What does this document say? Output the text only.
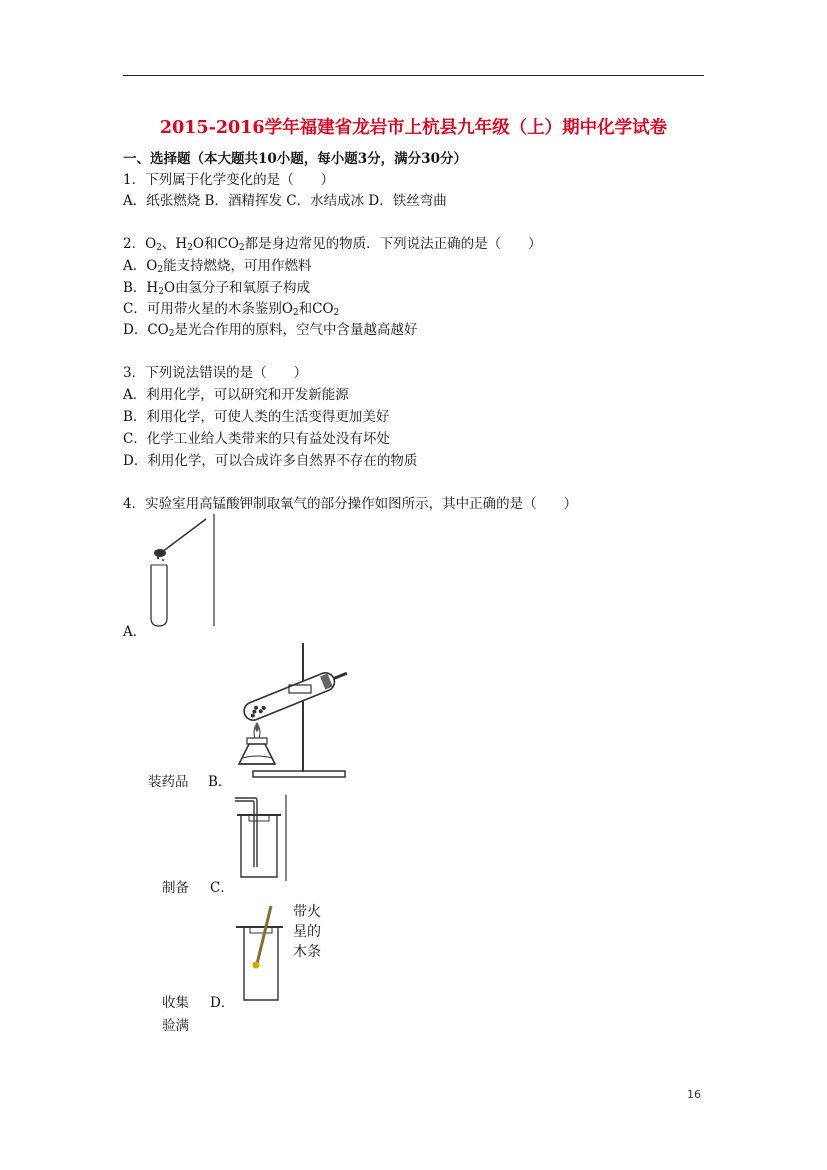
2015-2016学年福建省龙岩市上杭县九年级（上）期中化学试卷
一、选择题（本大题共10小题，每小题3分，满分30分）
1．下列属于化学变化的是（　　）
A．纸张燃烧 B．酒精挥发 C．水结成冰 D．铁丝弯曲
2．$O_2$、$H_2O$和$CO_2$都是身边常见的物质．下列说法正确的是（　　）
A．$O_2$能支持燃烧，可用作燃料
B．$H_2O$由氢分子和氧原子构成
C．可用带火星的木条鉴别$O_2$和$CO_2$
D．$CO_2$是光合作用的原料，空气中含量越高越好
3．下列说法错误的是（　　）
A．利用化学，可以研究和开发新能源
B．利用化学，可使人类的生活变得更加美好
C．化学工业给人类带来的只有益处没有坏处
D．利用化学，可以合成许多自然界不存在的物质
4．实验室用高锰酸钾制取氧气的部分操作如图所示，其中正确的是（　　）
A．
装药品 B．
制备 C．
带火
星的
木条
收集 D．
验满
16
